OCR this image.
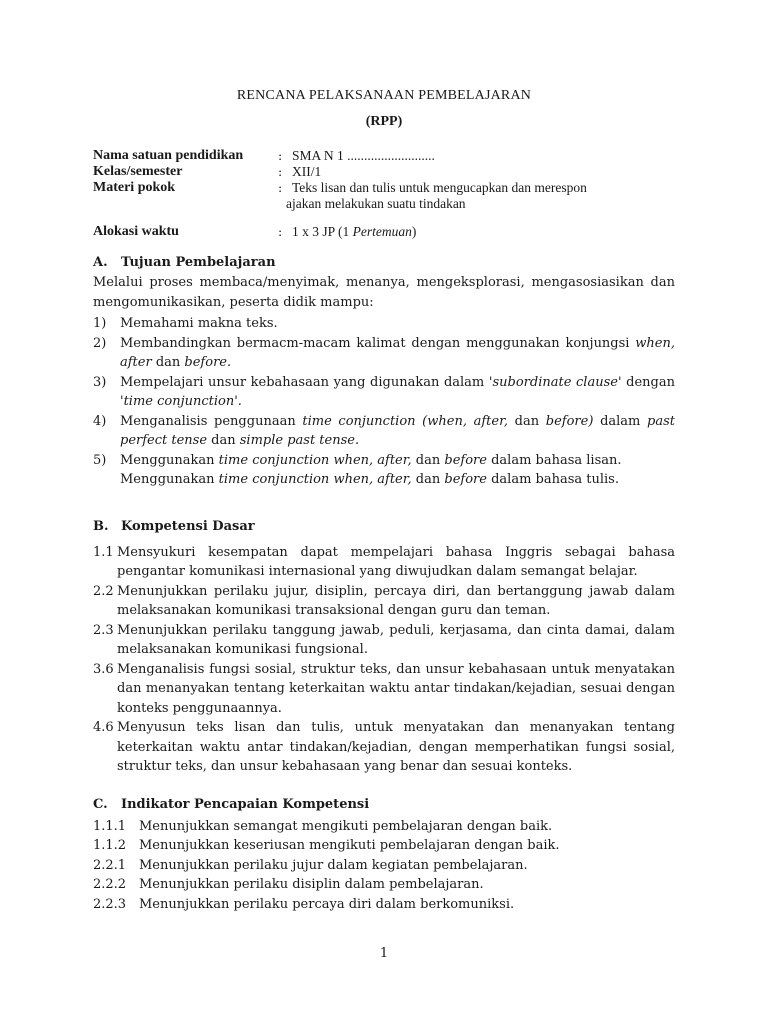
RENCANA PELAKSANAAN PEMBELAJARAN

(RPP)

Nama satuan pendidikan	: SMA N 1 ..........................
Kelas/semester	: XII/1
Materi pokok	: Teks lisan dan tulis untuk mengucapkan dan merespon
ajakan melakukan suatu tindakan
Alokasi waktu	: 1 x 3 JP (1 Pertemuan)

A. Tujuan Pembelajaran

Melalui proses membaca/menyimak, menanya, mengeksplorasi, mengasosiasikan dan mengomunikasikan, peserta didik mampu:

1)	Memahami makna teks.
2)	Membandingkan bermacm-macam kalimat dengan menggunakan konjungsi when, after dan before.
3)	Mempelajari unsur kebahasaan yang digunakan dalam 'subordinate clause' dengan 'time conjunction'.
4)	Menganalisis penggunaan time conjunction (when, after, dan before) dalam past perfect tense dan simple past tense.
5)	Menggunakan time conjunction when, after, dan before dalam bahasa lisan.
Menggunakan time conjunction when, after, dan before dalam bahasa tulis.

B. Kompetensi Dasar

1.1 Mensyukuri kesempatan dapat mempelajari bahasa Inggris sebagai bahasa pengantar komunikasi internasional yang diwujudkan dalam semangat belajar.
2.2 Menunjukkan perilaku jujur, disiplin, percaya diri, dan bertanggung jawab dalam melaksanakan komunikasi transaksional dengan guru dan teman.
2.3 Menunjukkan perilaku tanggung jawab, peduli, kerjasama, dan cinta damai, dalam melaksanakan komunikasi fungsional.
3.6 Menganalisis fungsi sosial, struktur teks, dan unsur kebahasaan untuk menyatakan dan menanyakan tentang keterkaitan waktu antar tindakan/kejadian, sesuai dengan konteks penggunaannya.
4.6 Menyusun teks lisan dan tulis, untuk menyatakan dan menanyakan tentang keterkaitan waktu antar tindakan/kejadian, dengan memperhatikan fungsi sosial, struktur teks, dan unsur kebahasaan yang benar dan sesuai konteks.

C. Indikator Pencapaian Kompetensi

1.1.1 Menunjukkan semangat mengikuti pembelajaran dengan baik.
1.1.2 Menunjukkan keseriusan mengikuti pembelajaran dengan baik.
2.2.1 Menunjukkan perilaku jujur dalam kegiatan pembelajaran.
2.2.2 Menunjukkan perilaku disiplin dalam pembelajaran.
2.2.3 Menunjukkan perilaku percaya diri dalam berkomuniksi.
1
